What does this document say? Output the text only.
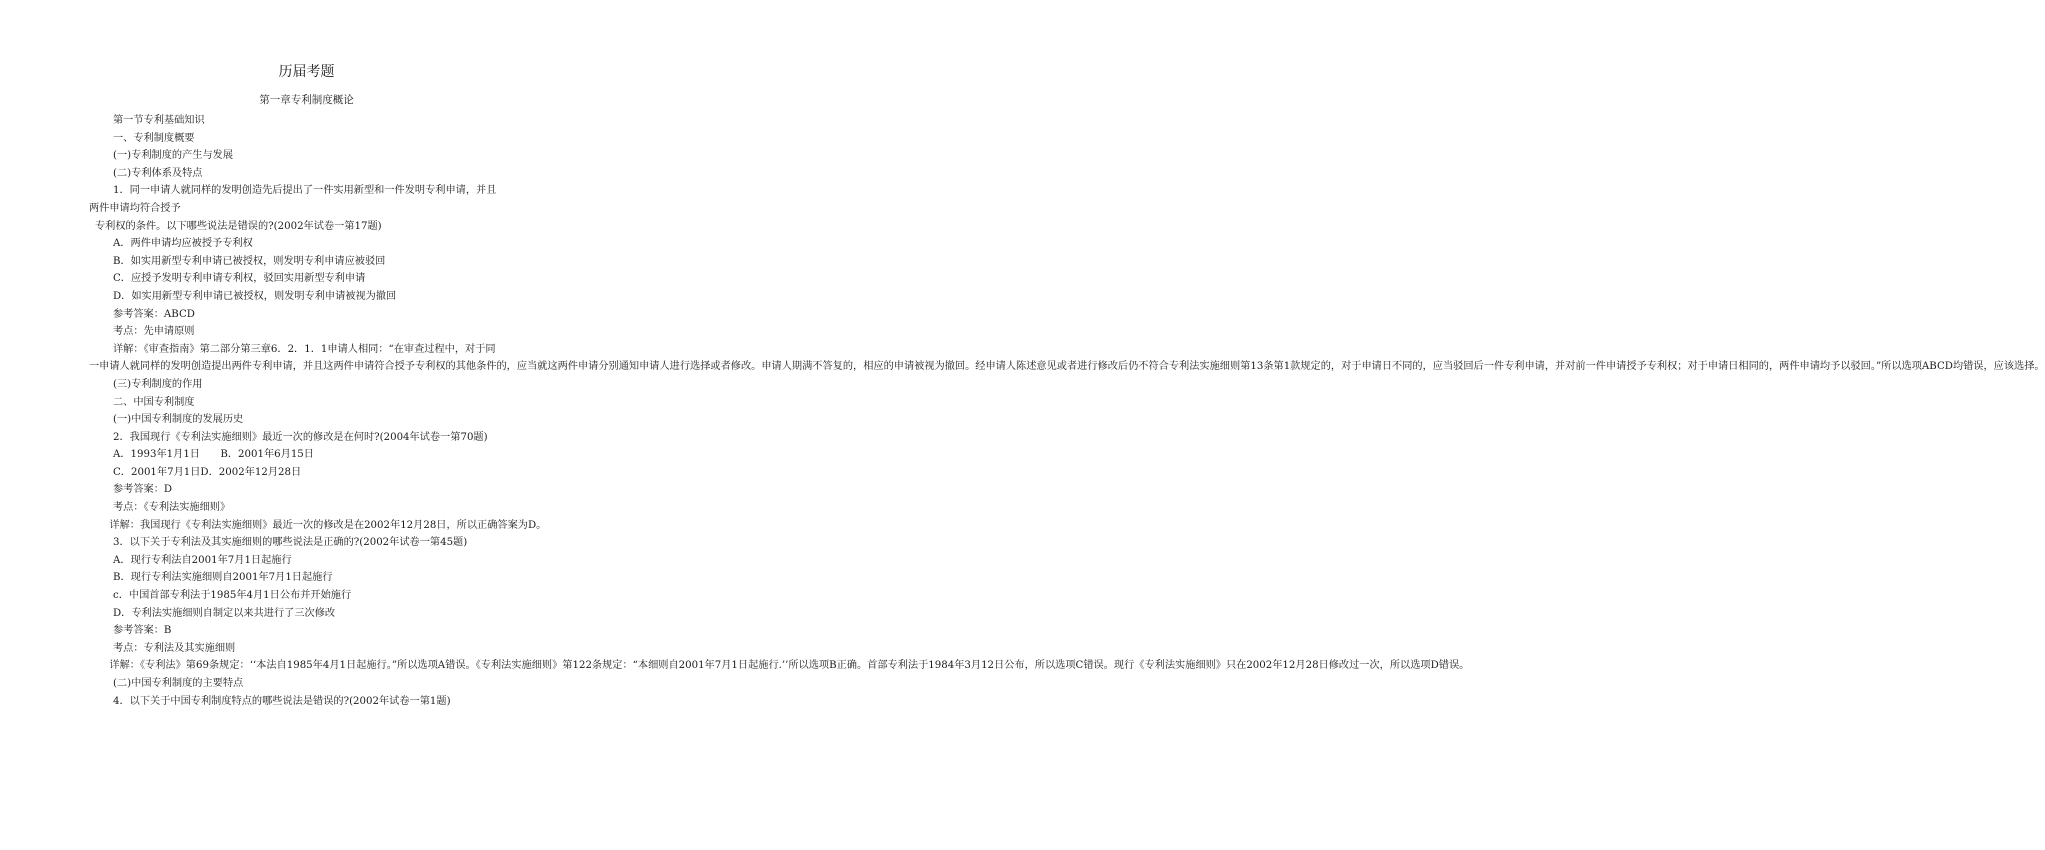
历届考题
第一章专利制度概论
第一节专利基础知识
一、专利制度概要
(一)专利制度的产生与发展
(二)专利体系及特点
1．同一申请人就同样的发明创造先后提出了一件实用新型和一件发明专利申请，并且
两件申请均符合授予
专利权的条件。以下哪些说法是错误的?(2002年试卷一第17题)
A．两件申请均应被授予专利权
B．如实用新型专利申请已被授权，则发明专利申请应被驳回
C．应授予发明专利申请专利权，驳回实用新型专利申请
D．如实用新型专利申请已被授权，则发明专利申请被视为撤回
参考答案：ABCD
考点：先申请原则
详解：《审查指南》第二部分第三章6．2．1．1申请人相同：“在审查过程中，对于同
一申请人就同样的发明创造提出两件专利申请，并且这两件申请符合授予专利权的其他条件的，应当就这两件申请分别通知申请人进行选择或者修改。申请人期满不答复的，相应的申请被视为撤回。经申请人陈述意见或者进行修改后仍不符合专利法实施细则第13条第1款规定的，对于申请日不同的，应当驳回后一件专利申请，并对前一件申请授予专利权；对于申请日相同的，两件申请均予以驳回。”所以选项ABCD均错误，应该选择。
(三)专利制度的作用
二、中国专利制度
(一)中国专利制度的发展历史
2．我国现行《专利法实施细则》最近一次的修改是在何时?(2004年试卷一第70题)
A．1993年1月1日　　B．2001年6月15日
C．2001年7月1日D．2002年12月28日
参考答案：D
考点：《专利法实施细则》
详解：我国现行《专利法实施细则》最近一次的修改是在2002年12月28日，所以正确答案为D。
3．以下关于专利法及其实施细则的哪些说法是正确的?(2002年试卷一第45题)
A．现行专利法自2001年7月1日起施行
B．现行专利法实施细则自2001年7月1日起施行
c．中国首部专利法于1985年4月1日公布并开始施行
D．专利法实施细则自制定以来共进行了三次修改
参考答案：B
考点：专利法及其实施细则
详解：《专利法》第69条规定：‘‘本法自1985年4月1日起施行。”所以选项A错误。《专利法实施细则》第122条规定：“本细则自2001年7月1日起施行.’’所以选项B正确。首部专利法于1984年3月12日公布，所以选项C错误。现行《专利法实施细则》只在2002年12月28日修改过一次，所以选项D错误。
(二)中国专利制度的主要特点
4．以下关于中国专利制度特点的哪些说法是错误的?(2002年试卷一第1题)
